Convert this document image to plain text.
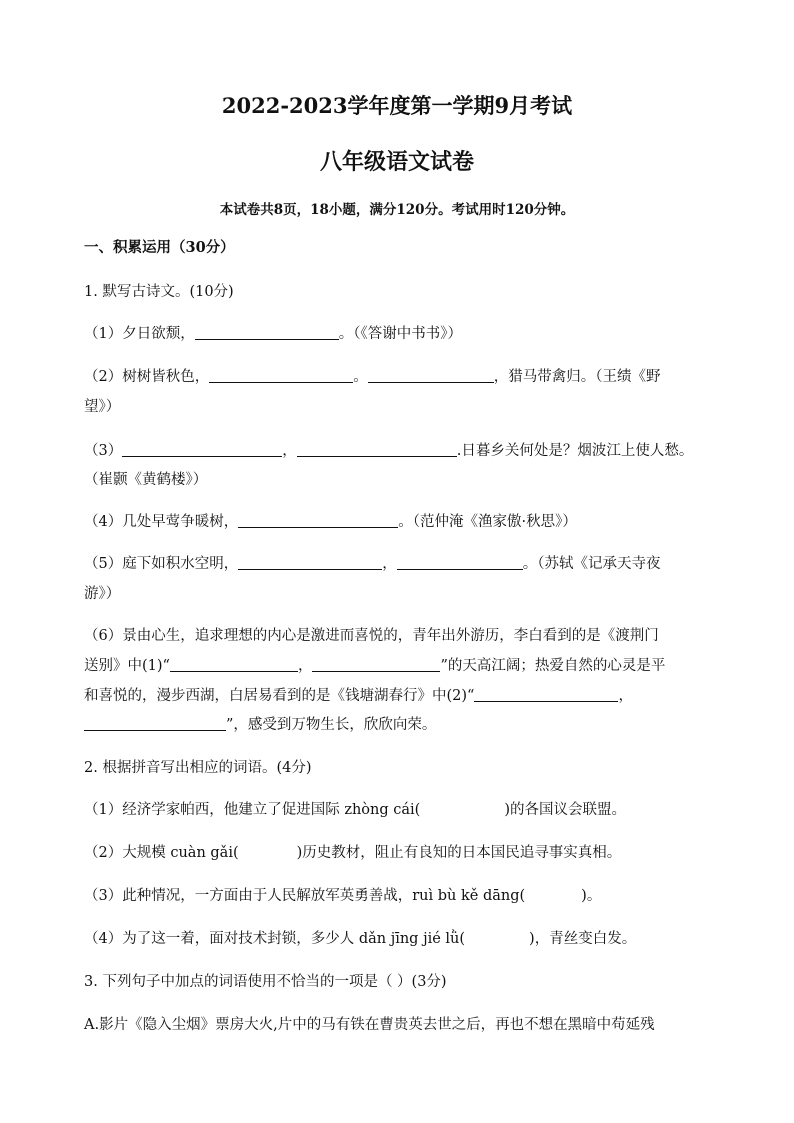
2022-2023学年度第一学期9月考试
八年级语文试卷
本试卷共8页，18小题，满分120分。考试用时120分钟。
一、积累运用（30分）
1. 默写古诗文。(10分)
（1）夕日欲颓，	。（《答谢中书书》）
（2）树树皆秋色，	。	，猎马带禽归。（王绩《野
望》）
（3）	，	.日暮乡关何处是？烟波江上使人愁。
（崔颢《黄鹤楼》）
（4）几处早莺争暖树，	。（范仲淹《渔家傲·秋思》）
（5）庭下如积水空明，	，	。（苏轼《记承天寺夜
游》）
（6）景由心生，追求理想的内心是激进而喜悦的，青年出外游历，李白看到的是《渡荆门
送别》中(1)“	，	”的天高江阔；热爱自然的心灵是平
和喜悦的，漫步西湖，白居易看到的是《钱塘湖春行》中(2)“	，
”，感受到万物生长，欣欣向荣。
2. 根据拼音写出相应的词语。(4分)
（1）经济学家帕西，他建立了促进国际 zhòng cái(	)的各国议会联盟。
（2）大规模 cuàn gǎi(	)历史教材，阻止有良知的日本国民追寻事实真相。
（3）此种情况，一方面由于人民解放军英勇善战，ruì bù kě dāng(	)。
（4）为了这一着，面对技术封锁，多少人 dǎn jīng jié lǜ(	)，青丝变白发。
3. 下列句子中加点的词语使用不恰当的一项是（ ）(3分)
A.影片《隐入尘烟》票房大火,片中的马有铁在曹贵英去世之后，再也不想在黑暗中苟延残
